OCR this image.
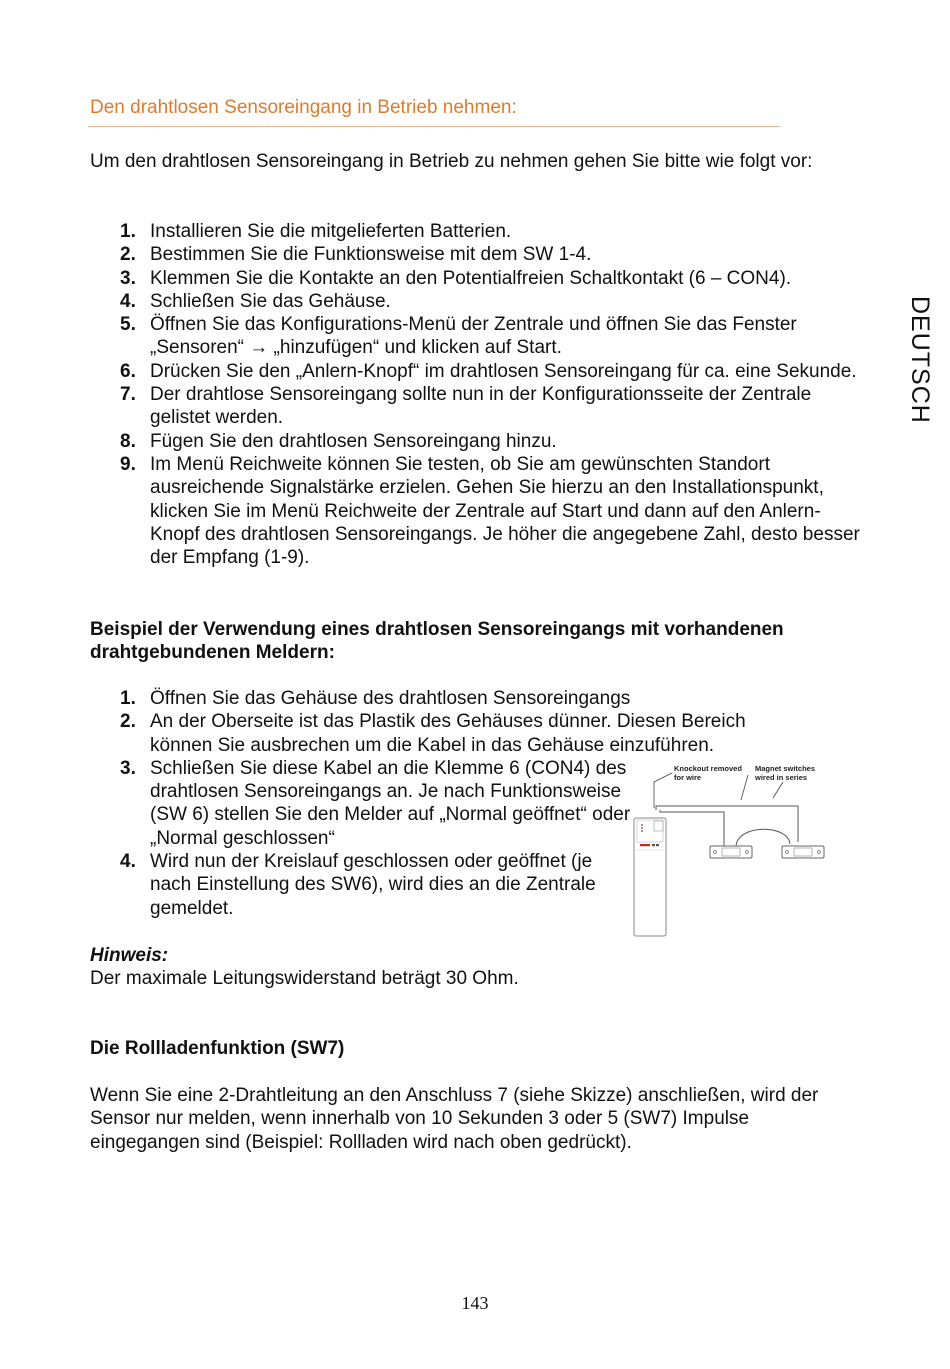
Den drahtlosen Sensoreingang in Betrieb nehmen:
Um den drahtlosen Sensoreingang in Betrieb zu nehmen gehen Sie bitte wie folgt vor:
1. Installieren Sie die mitgelieferten Batterien.
2. Bestimmen Sie die Funktionsweise mit dem SW 1-4.
3. Klemmen Sie die Kontakte an den Potentialfreien Schaltkontakt (6 – CON4).
4. Schließen Sie das Gehäuse.
5. Öffnen Sie das Konfigurations-Menü der Zentrale und öffnen Sie das Fenster „Sensoren“ → „hinzufügen“ und klicken auf Start.
6. Drücken Sie den „Anlern-Knopf“ im drahtlosen Sensoreingang für ca. eine Sekunde.
7. Der drahtlose Sensoreingang sollte nun in der Konfigurationsseite der Zentrale gelistet werden.
8. Fügen Sie den drahtlosen Sensoreingang hinzu.
9. Im Menü Reichweite können Sie testen, ob Sie am gewünschten Standort ausreichende Signalstärke erzielen. Gehen Sie hierzu an den Installationspunkt, klicken Sie im Menü Reichweite der Zentrale auf Start und dann auf den Anlern-Knopf des drahtlosen Sensoreingangs. Je höher die angegebene Zahl, desto besser der Empfang (1-9).
Beispiel der Verwendung eines drahtlosen Sensoreingangs mit vorhandenen drahtgebundenen Meldern:
1. Öffnen Sie das Gehäuse des drahtlosen Sensoreingangs
2. An der Oberseite ist das Plastik des Gehäuses dünner. Diesen Bereich können Sie ausbrechen um die Kabel in das Gehäuse einzuführen.
3. Schließen Sie diese Kabel an die Klemme 6 (CON4) des drahtlosen Sensoreingangs an. Je nach Funktionsweise (SW 6) stellen Sie den Melder auf „Normal geöffnet“ oder „Normal geschlossen“
4. Wird nun der Kreislauf geschlossen oder geöffnet (je nach Einstellung des SW6), wird dies an die Zentrale gemeldet.
Knockout removed
for wire
Magnet switches
wired in series
Hinweis:
Der maximale Leitungswiderstand beträgt 30 Ohm.
Die Rollladenfunktion (SW7)
Wenn Sie eine 2-Drahtleitung an den Anschluss 7 (siehe Skizze) anschließen, wird der Sensor nur melden, wenn innerhalb von 10 Sekunden 3 oder 5 (SW7) Impulse eingegangen sind (Beispiel: Rollladen wird nach oben gedrückt).
DEUTSCH
143
